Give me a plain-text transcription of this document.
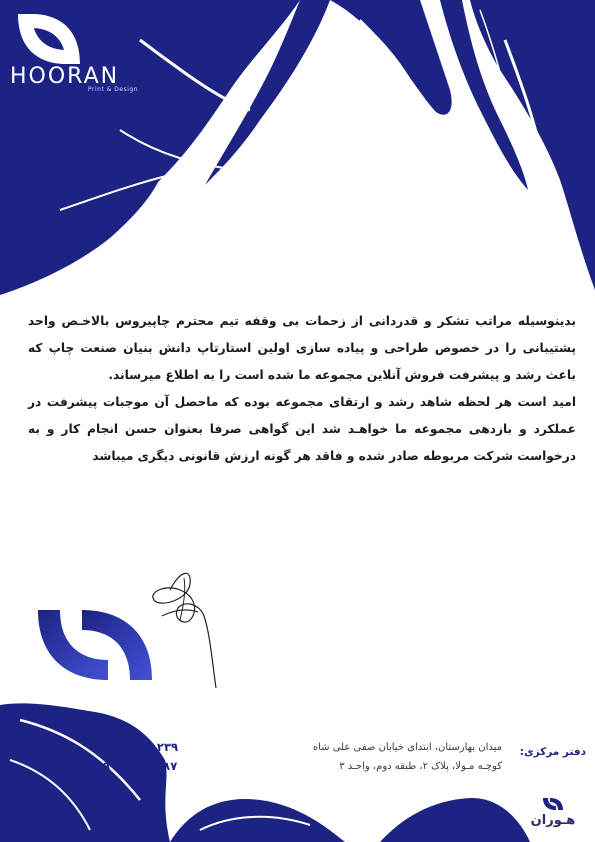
HOORAN
Print & Design

بدینوسیله مراتب تشکر و قدردانی از زحمات بی وقفه تیم محترم چاپیروس بالاخـص واحد پشتیبانی را در خصوص طراحی و پیاده سازی اولین استارتاپ دانش بنیان صنعت چاپ که باعث رشد و پیشرفت فروش آنلاین مجموعه ما شده است را به اطلاع میرساند.

امید است هر لحظه شاهد رشد و ارتقای مجموعه بوده که ماحصل آن موجبات پیشرفت در عملکرد و بازدهی مجموعه ما خواهـد شد این گواهی صرفا بعنوان حسن انجام کار و به درخواست شرکت مربوطه صادر شده و فاقد هر گونه ارزش قانونی دیگری میباشد

۰۲۱-۳۳۹۴۱۲۳۹
۰۹۰۳ ۶۳۵۵۱۸۷
میدان بهارستان، ابتدای خیابان صفی علی شاه
کوچـه مـولا، پلاک ۲، طبقه دوم، واحـد ۳
دفتر مرکزی:
هـوران
